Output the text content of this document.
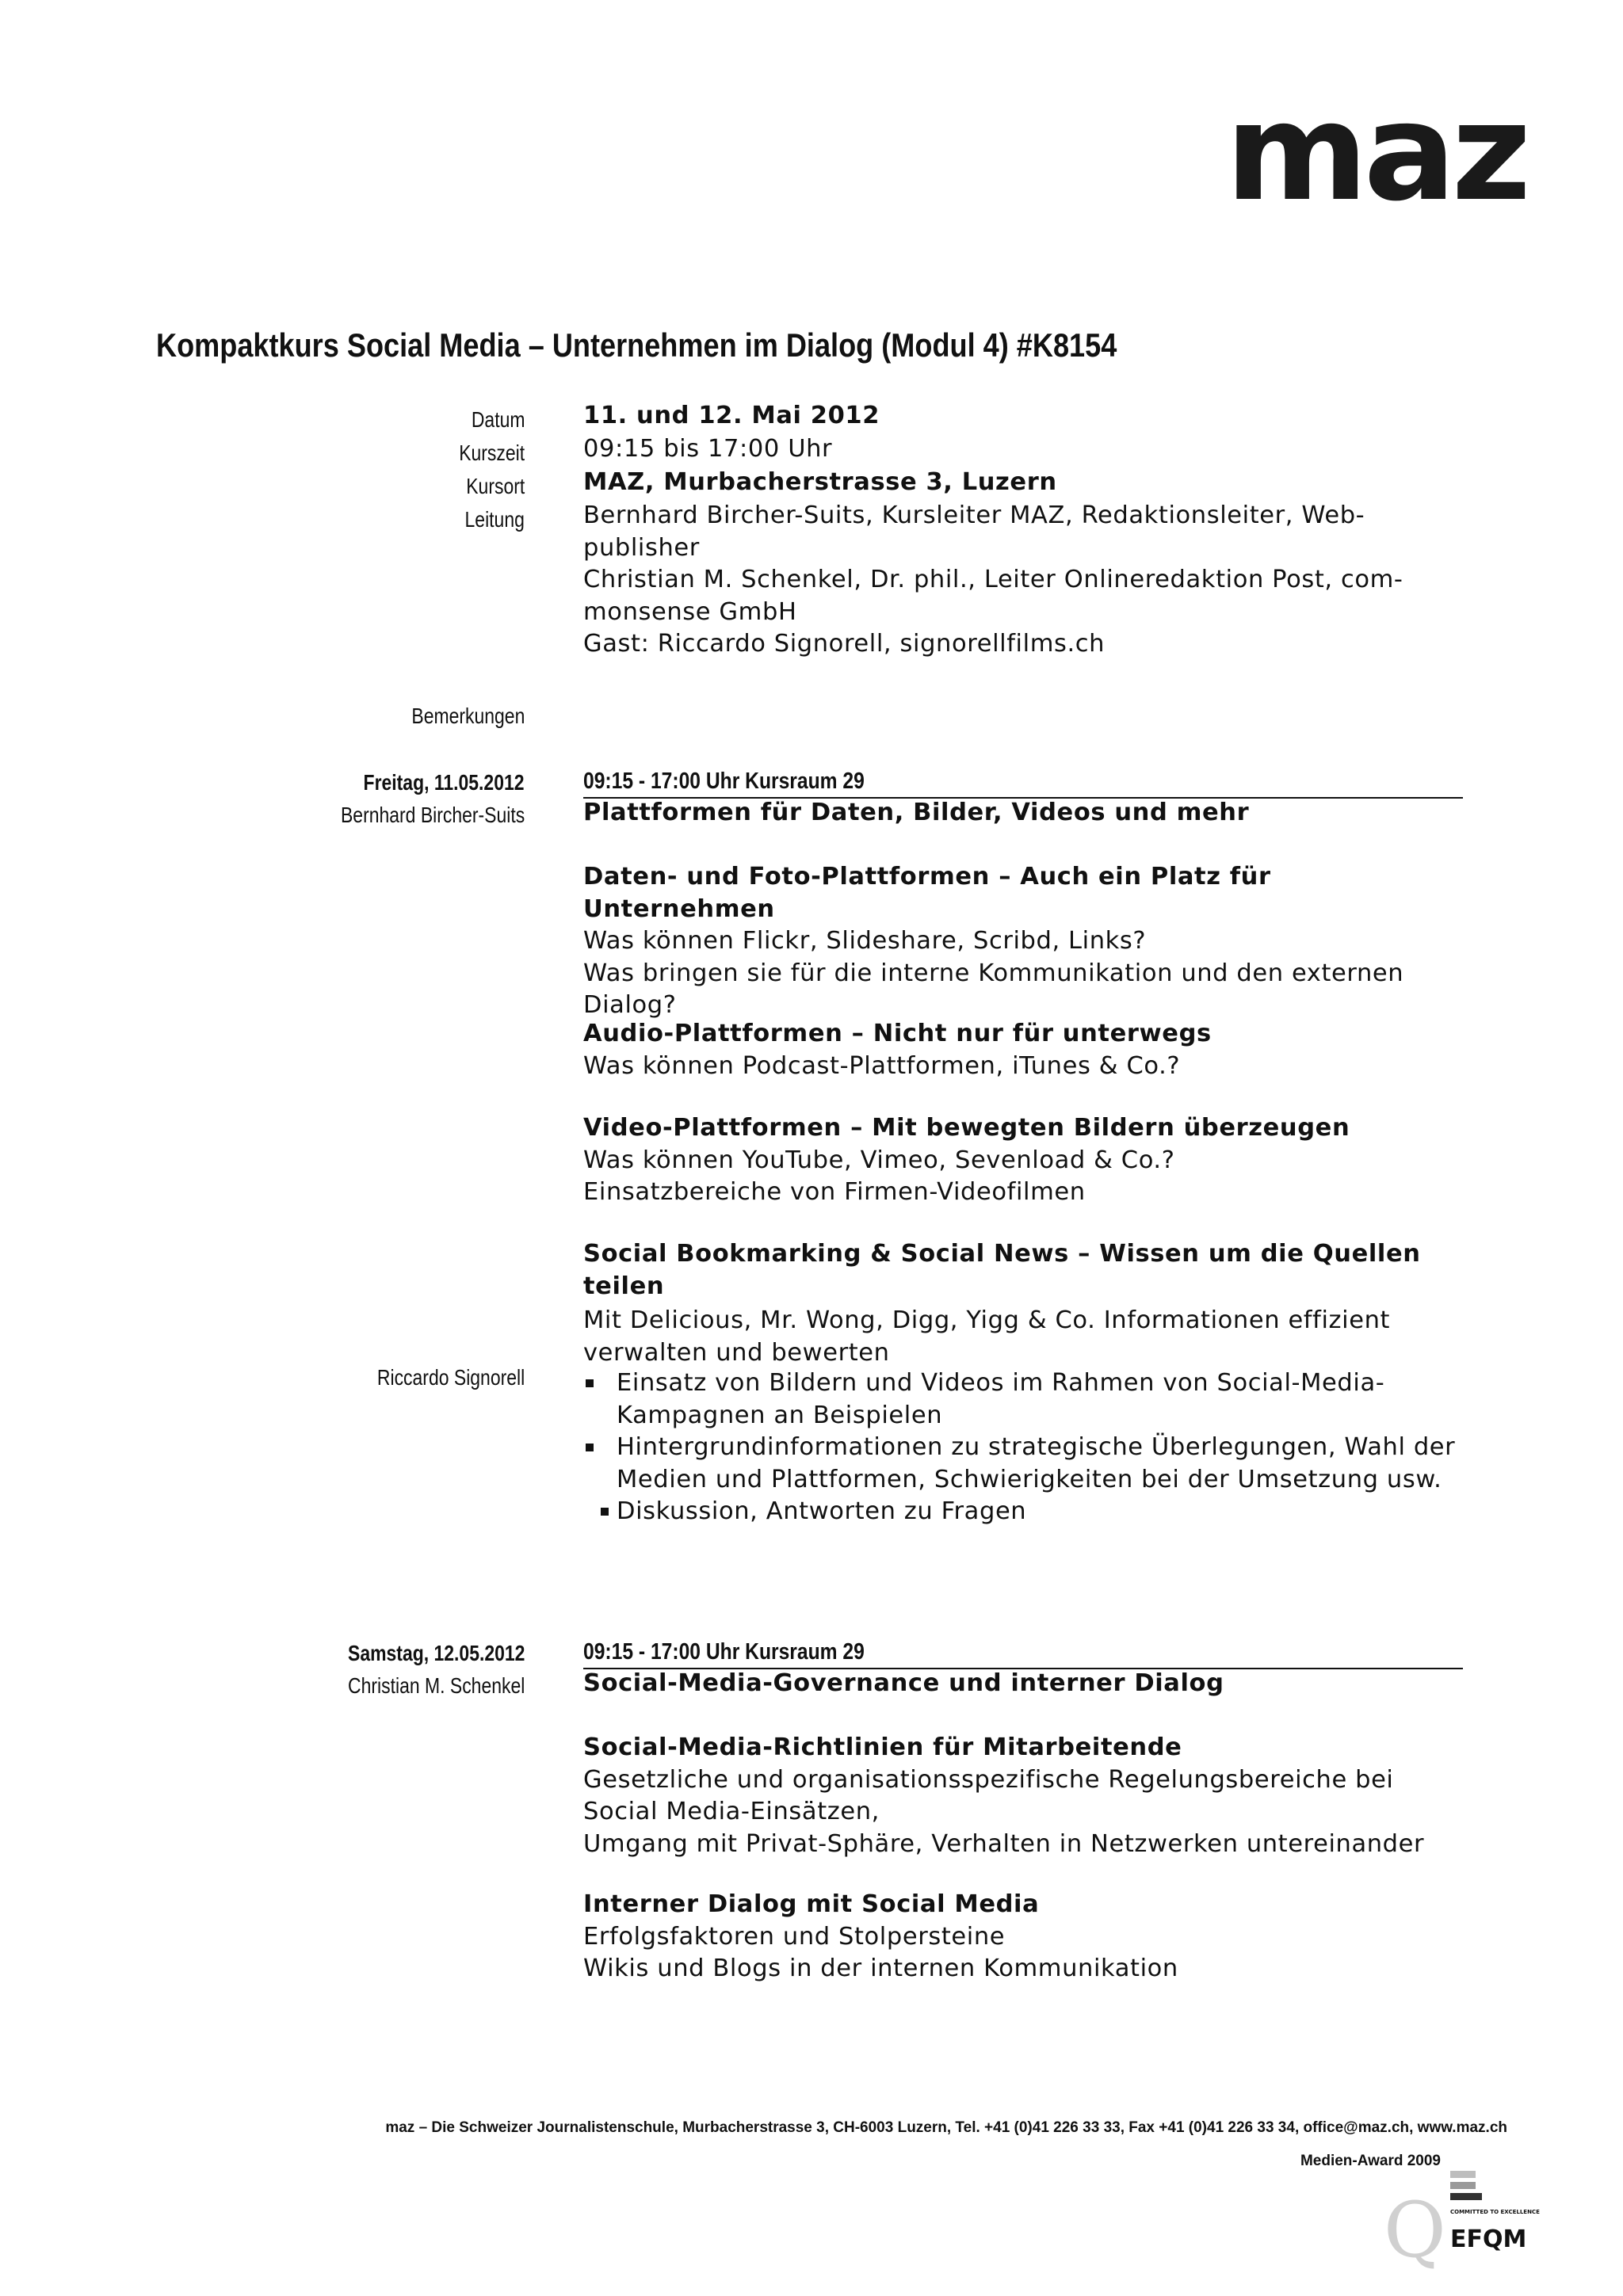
maz
Kompaktkurs Social Media – Unternehmen im Dialog (Modul 4) #K8154
Datum 11. und 12. Mai 2012
Kurszeit 09:15 bis 17:00 Uhr
Kursort MAZ, Murbacherstrasse 3, Luzern
Leitung Bernhard Bircher-Suits, Kursleiter MAZ, Redaktionsleiter, Web-
publisher
Christian M. Schenkel, Dr. phil., Leiter Onlineredaktion Post, com-
monsense GmbH
Gast: Riccardo Signorell, signorellfilms.ch
Bemerkungen
Freitag, 11.05.2012
Bernhard Bircher-Suits
09:15 - 17:00 Uhr Kursraum 29
Plattformen für Daten, Bilder, Videos und mehr
Daten- und Foto-Plattformen – Auch ein Platz für Unternehmen
Was können Flickr, Slideshare, Scribd, Links?
Was bringen sie für die interne Kommunikation und den externen
Dialog?
Audio-Plattformen – Nicht nur für unterwegs
Was können Podcast-Plattformen, iTunes & Co.?
Video-Plattformen – Mit bewegten Bildern überzeugen
Was können YouTube, Vimeo, Sevenload & Co.?
Einsatzbereiche von Firmen-Videofilmen
Social Bookmarking & Social News – Wissen um die Quellen teilen
Mit Delicious, Mr. Wong, Digg, Yigg & Co. Informationen effizient
verwalten und bewerten
Riccardo Signorell	Einsatz von Bildern und Videos im Rahmen von Social-Media-Kampagnen an Beispielen
Hintergrundinformationen zu strategische Überlegungen, Wahl der Medien und Plattformen, Schwierigkeiten bei der Umsetzung usw.
Diskussion, Antworten zu Fragen
Samstag, 12.05.2012
Christian M. Schenkel
09:15 - 17:00 Uhr Kursraum 29
Social-Media-Governance und interner Dialog
Social-Media-Richtlinien für Mitarbeitende
Gesetzliche und organisationsspezifische Regelungsbereiche bei
Social Media-Einsätzen,
Umgang mit Privat-Sphäre, Verhalten in Netzwerken untereinander
Interner Dialog mit Social Media
Erfolgsfaktoren und Stolpersteine
Wikis und Blogs in der internen Kommunikation
maz – Die Schweizer Journalistenschule, Murbacherstrasse 3, CH-6003 Luzern, Tel. +41 (0)41 226 33 33, Fax +41 (0)41 226 33 34, office@maz.ch, www.maz.ch
Medien-Award 2009
Q COMMITTED TO EXCELLENCE
EFQM
